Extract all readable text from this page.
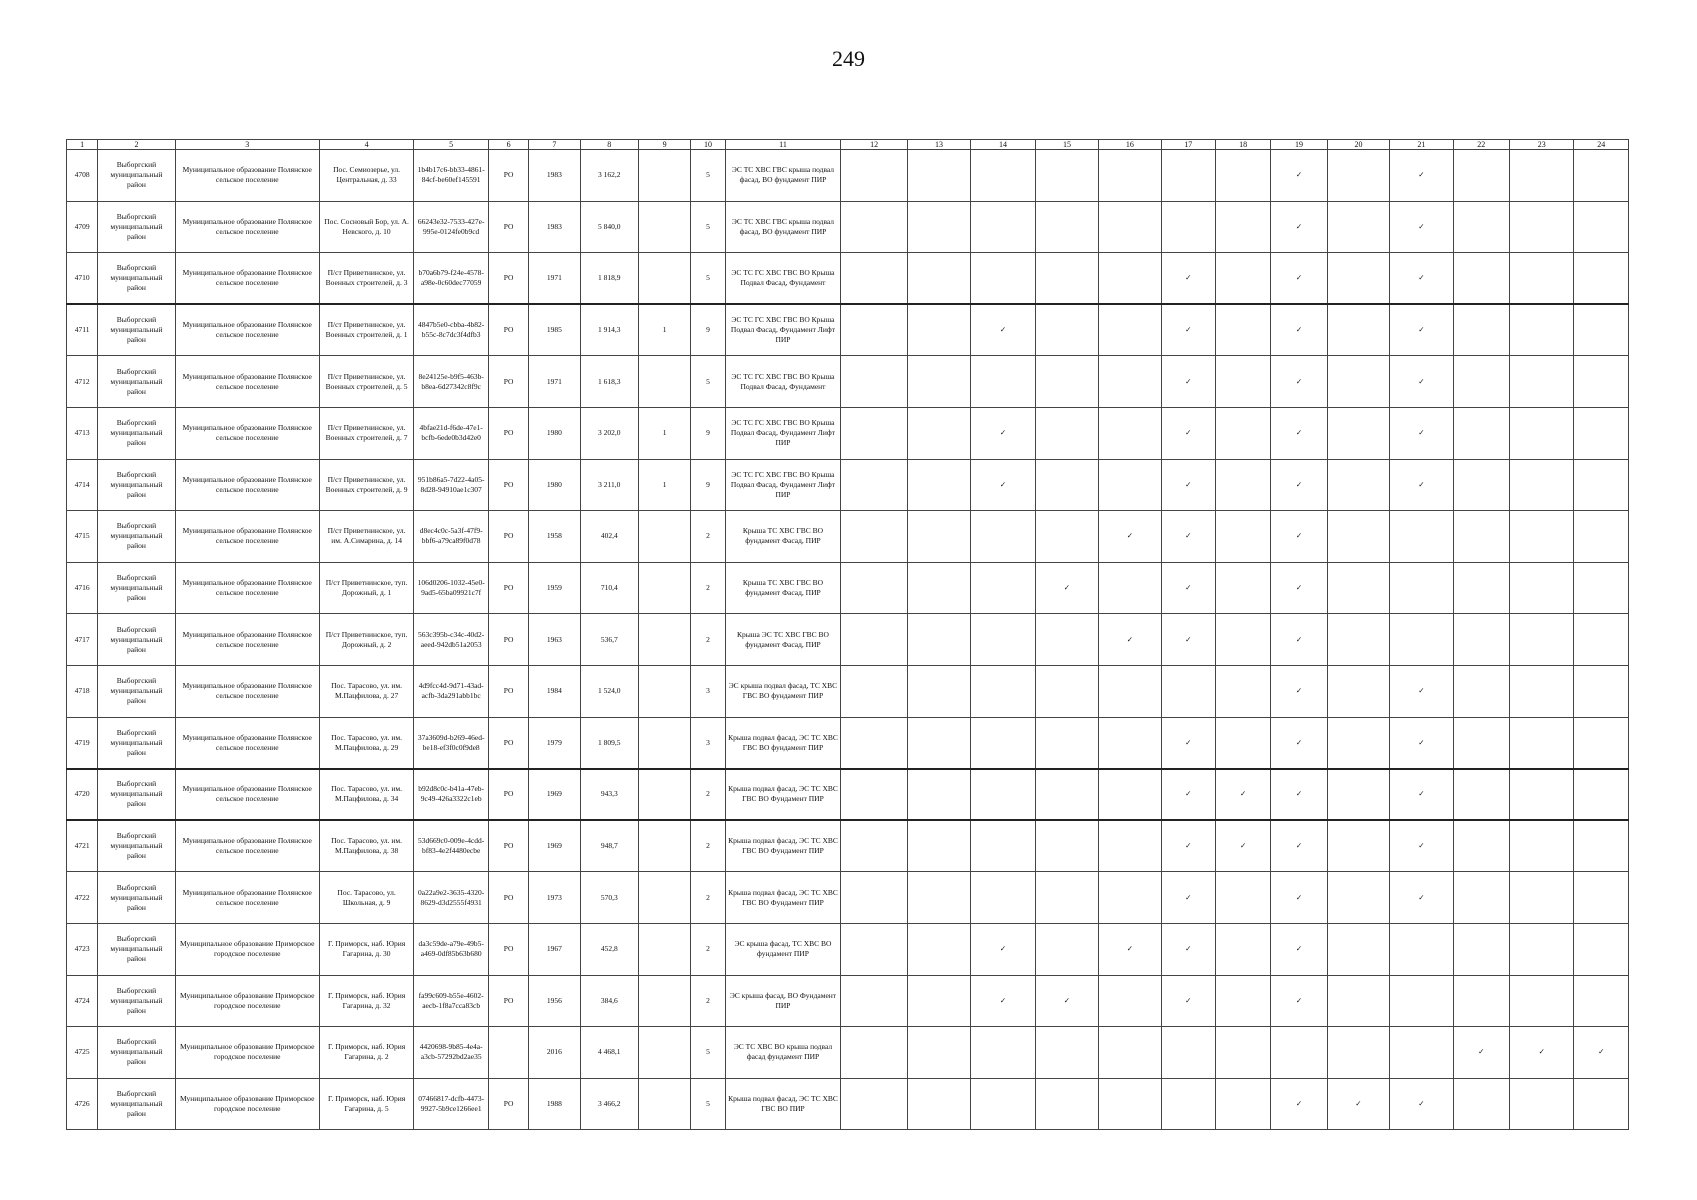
249
1	2	3	4	5	6	7	8	9	10	11	12	13	14	15	16	17	18	19	20	21	22	23	24
4708	Выборгский муниципальный район	Муниципальное образование Полянское сельское поселение	Пос. Семиозерье, ул. Центральная, д. 33	1b4b17c6-bb33-4861-84cf-be60ef145591	РО	1983	3 162,2		5	ЭС ТС ХВС ГВС крыша подвал фасад, ВО фундамент ПИР								✓		✓			
4709	Выборгский муниципальный район	Муниципальное образование Полянское сельское поселение	Пос. Сосновый Бор, ул. А. Невского, д. 10	66243e32-7533-427e-995e-0124fe0b9cd	РО	1983	5 840,0		5	ЭС ТС ХВС ГВС крыша подвал фасад, ВО фундамент ПИР								✓		✓			
4710	Выборгский муниципальный район	Муниципальное образование Полянское сельское поселение	П/ст Приветнинское, ул. Военных строителей, д. 3	b70a6b79-f24e-4578-a98e-0c60dec77059	РО	1971	1 818,9		5	ЭС ТС ГС ХВС ГВС ВО Крыша Подвал Фасад, Фундамент						✓		✓		✓			
4711	Выборгский муниципальный район	Муниципальное образование Полянское сельское поселение	П/ст Приветнинское, ул. Военных строителей, д. 1	4847b5e0-cbba-4b82-b55c-8c7dc3f4dfb3	РО	1985	1 914,3	1	9	ЭС ТС ГС ХВС ГВС ВО Крыша Подвал Фасад, Фундамент Лифт ПИР			✓			✓		✓		✓			
4712	Выборгский муниципальный район	Муниципальное образование Полянское сельское поселение	П/ст Приветнинское, ул. Военных строителей, д. 5	8e24125e-b9f5-463b-b8ea-6d27342c8f9c	РО	1971	1 618,3		5	ЭС ТС ГС ХВС ГВС ВО Крыша Подвал Фасад, Фундамент						✓		✓		✓			
4713	Выборгский муниципальный район	Муниципальное образование Полянское сельское поселение	П/ст Приветнинское, ул. Военных строителей, д. 7	4bfae21d-f6de-47e1-bcfb-6ede0b3d42e0	РО	1980	3 202,0	1	9	ЭС ТС ГС ХВС ГВС ВО Крыша Подвал Фасад, Фундамент Лифт ПИР			✓			✓		✓		✓			
4714	Выборгский муниципальный район	Муниципальное образование Полянское сельское поселение	П/ст Приветнинское, ул. Военных строителей, д. 9	951b86a5-7d22-4a05-8d28-94910ae1c307	РО	1980	3 211,0	1	9	ЭС ТС ГС ХВС ГВС ВО Крыша Подвал Фасад, Фундамент Лифт ПИР			✓			✓		✓		✓			
4715	Выборгский муниципальный район	Муниципальное образование Полянское сельское поселение	П/ст Приветнинское, ул. им. А.Симарина, д. 14	d8ec4c0c-5a3f-47f9-bbf6-a79ca89f0d78	РО	1958	402,4		2	Крыша ТС ХВС ГВС ВО фундамент Фасад, ПИР					✓	✓		✓					
4716	Выборгский муниципальный район	Муниципальное образование Полянское сельское поселение	П/ст Приветнинское, туп. Дорожный, д. 1	106d0206-1032-45e0-9ad5-65ba09921c7f	РО	1959	710,4		2	Крыша ТС ХВС ГВС ВО фундамент Фасад, ПИР				✓		✓		✓					
4717	Выборгский муниципальный район	Муниципальное образование Полянское сельское поселение	П/ст Приветнинское, туп. Дорожный, д. 2	563c395b-c34c-40d2-aeed-942db51a2053	РО	1963	536,7		2	Крыша ЭС ТС ХВС ГВС ВО фундамент Фасад, ПИР					✓	✓		✓					
4718	Выборгский муниципальный район	Муниципальное образование Полянское сельское поселение	Пос. Тарасово, ул. им. М.Пацфилова, д. 27	4d9fcc4d-9d71-43ad-acfb-3da291abb1bc	РО	1984	1 524,0		3	ЭС крыша подвал фасад, ТС ХВС ГВС ВО фундамент ПИР								✓		✓			
4719	Выборгский муниципальный район	Муниципальное образование Полянское сельское поселение	Пос. Тарасово, ул. им. М.Пацфилова, д. 29	37a3609d-b269-46ed-be18-ef3f0c0f9de8	РО	1979	1 809,5		3	Крыша подвал фасад, ЭС ТС ХВС ГВС ВО фундамент ПИР						✓		✓		✓			
4720	Выборгский муниципальный район	Муниципальное образование Полянское сельское поселение	Пос. Тарасово, ул. им. М.Пацфилова, д. 34	b92d8c0c-b41a-47eb-9c49-426a3322c1eb	РО	1969	943,3		2	Крыша подвал фасад, ЭС ТС ХВС ГВС ВО Фундамент ПИР						✓	✓	✓		✓			
4721	Выборгский муниципальный район	Муниципальное образование Полянское сельское поселение	Пос. Тарасово, ул. им. М.Пацфилова, д. 38	53d669c0-009e-4cdd-bf83-4e2f4480ecbe	РО	1969	948,7		2	Крыша подвал фасад, ЭС ТС ХВС ГВС ВО Фундамент ПИР						✓	✓	✓		✓			
4722	Выборгский муниципальный район	Муниципальное образование Полянское сельское поселение	Пос. Тарасово, ул. Школьная, д. 9	0a22a9e2-3635-4320-8629-d3d2555f4931	РО	1973	570,3		2	Крыша подвал фасад, ЭС ТС ХВС ГВС ВО Фундамент ПИР						✓		✓		✓			
4723	Выборгский муниципальный район	Муниципальное образование Приморское городское поселение	Г. Приморск, наб. Юрия Гагарина, д. 30	da3c59de-a79e-49b5-a469-0df85b63b680	РО	1967	452,8		2	ЭС крыша фасад, ТС ХВС ВО фундамент ПИР			✓		✓	✓		✓					
4724	Выборгский муниципальный район	Муниципальное образование Приморское городское поселение	Г. Приморск, наб. Юрия Гагарина, д. 32	fa99c609-b55e-4602-aecb-1f8a7cca83cb	РО	1956	384,6		2	ЭС крыша фасад, ВО Фундамент ПИР			✓	✓		✓		✓					
4725	Выборгский муниципальный район	Муниципальное образование Приморское городское поселение	Г. Приморск, наб. Юрия Гагарина, д. 2	4420698-9b85-4e4a-a3cb-57292bd2ae35		2016	4 468,1		5	ЭС ТС ХВС ВО крыша подвал фасад фундамент ПИР											✓	✓	✓
4726	Выборгский муниципальный район	Муниципальное образование Приморское городское поселение	Г. Приморск, наб. Юрия Гагарина, д. 5	07466817-dcfb-4473-9927-5b9ce1266ee1	РО	1988	3 466,2		5	Крыша подвал фасад, ЭС ТС ХВС ГВС ВО ПИР								✓	✓	✓			
